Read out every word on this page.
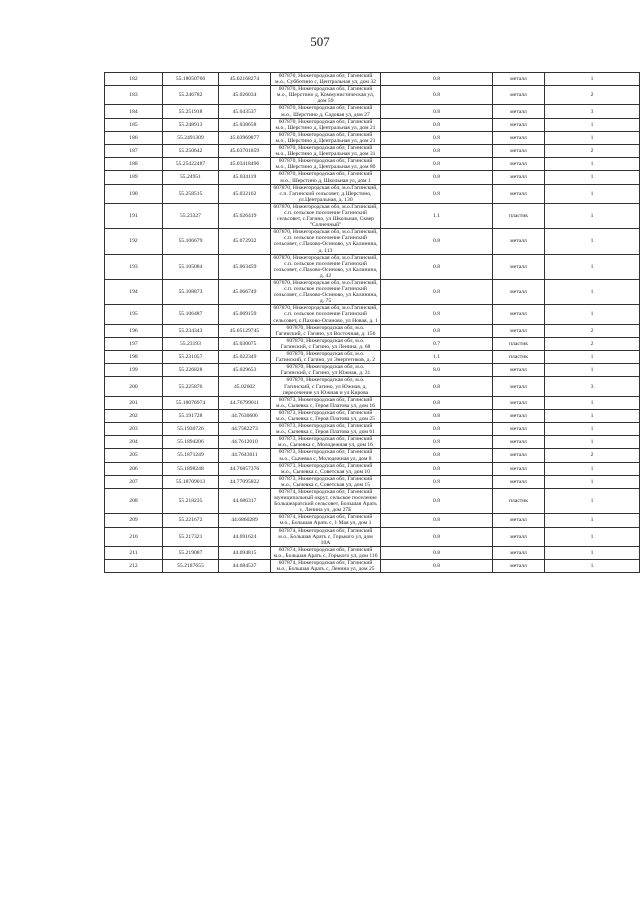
507
182	55.18050766	45.02168274	607870, Нижегородская обл, Гагинский м.о., Субботино с, Центральная ул, дом 32	0.8	металл	1
183	55.246782	45.026034	607870, Нижегородская обл, Гагинский м.о., Шерстино д, Коммунистическая ул, дом 59	0.8	металл	2
184	55.251918	45.043537	607870, Нижегородская обл, Гагинский м.о., Шерстино д, Садовая ул, дом 27	0.8	металл	3
185	55.248913	45.038658	607870, Нижегородская обл, Гагинский м.о., Шерстино д, Центральная ул, дом 21	0.8	металл	1
186	55.2491309	45.03969877	607870, Нижегородская обл, Гагинский м.о., Шерстино д, Центральная ул, дом 21	0.8	металл	1
187	55.250642	45.03701859	607870, Нижегородская обл, Гагинский м.о., Шерстино д, Центральная ул, дом 31	0.8	металл	2
188	55.25422487	45.03418496	607870, Нижегородская обл, Гагинский м.о., Шерстино д, Центральная ул, дом 80	0.8	металл	1
189	55.24951	45.034119	607870, Нижегородская обл, Гагинский м.о., Шерстино д, Школьная ул, дом 1	0.8	металл	1
190	55.258515	45.032162	607870, Нижегородская обл, м.о.Гагинский, с.п. Гагинский сельсовет, д.Шерстино, ул.Центральная, д. 130	0.8	металл	1
191	55.23327	45.026419	607870, Нижегородская обл, м.о.Гагинский, с.п. сельское поселение Гагинский сельсовет, с.Гагино, ул Школьная, Сквер "Солнечный"	1.1	пластик	1
192	55.106679	45.072932	607870, Нижегородская обл, м.о.Гагинский, с.п. сельское поселение Гагинский сельсовет, с.Пахово-Осиново, ул Калинина, д. 113	0.8	металл	1
193	55.105084	45.063459	607870, Нижегородская обл, м.о.Гагинский, с.п. сельское поселение Гагинский сельсовет, с.Пахово-Осиново, ул Калинина, д. 42	0.8	металл	1
194	55.108873	45.066749	607870, Нижегородская обл, м.о.Гагинский, с.п. сельское поселение Гагинский сельсовет, с.Пахово-Осиново, ул Калинина, д. 75	0.8	металл	1
195	55.106487	45.069159	607870, Нижегородская обл, м.о.Гагинский, с.п. сельское поселение Гагинский сельсовет, с.Пахово-Осиново, ул Новая, д. 1	0.8	металл	1
196	55.234343	45.05129745	607870, Нижегородская обл, м.о. Гагинский, с Гагино, ул Восточная, д. 156	0.8	металл	2
197	55.23193	45.030075	607870, Нижегородская обл, м.о. Гагинский, с Гагино, ул Ленина, д. 68	0.7	пластик	2
198	55.231057	45.022349	607870, Нижегородская обл, м.о. Гагинский, с Гагино, ул Энергетиков, д. 2	1.1	пластик	1
199	55.226828	45.029653	607870, Нижегородская обл, м.о. Гагинский, с Гагино, ул Южная, д. 31	8.0	металл	1
200	55.225876	45.02602	607870, Нижегородская обл, м.о. Гагинский, с Гагино, ул Южная, д. пересечение ул Южная и ул Кирова	0.8	металл	3
201	55.18076974	44.76799011	607873, Нижегородская обл, Гагинский м.о., Сычевка с, Героя Платова ул, дом 16	0.8	металл	1
202	55.191728	44.7630606	607873, Нижегородская обл, Гагинский м.о., Сычевка с, Героя Платова ул, дом 25	0.8	металл	1
203	55.1930726	44.7582273	607873, Нижегородская обл, Гагинский м.о., Сычевка с, Героя Платова ул, дом 61	0.8	металл	1
204	55.1894206	44.7612010	607873, Нижегородская обл, Гагинский м.о., Сычевка с, Молодежная ул, дом 16	0.8	металл	1
205	55.1871249	44.7643011	607873, Нижегородская обл, Гагинский м.о., Сычевка с, Молодежная ул, дом 8	0.8	металл	2
206	55.1898248	44.76857376	607873, Нижегородская обл, Гагинский м.о., Сычевка с, Советская ул, дом 10	0.8	металл	1
207	55.18709013	44.77095822	607873, Нижегородская обл, Гагинский м.о., Сычевка с, Советская ул, дом 15	0.8	металл	1
208	55.218235	44.686317	607874, Нижегородская обл, Гагинский муниципальный округ, сельское поселение Большеаратский сельсовет, Большая Арать с, Ленина ул, дом 27Б	0.8	пластик	1
209	55.221672	44.6860289	607874, Нижегородская обл, Гагинский м.о., Большая Арать с, 1 Мая ул, дом 1	0.8	металл	1
210	55.217321	44.691624	607874, Нижегородская обл, Гагинский м.о., Большая Арать с, Горького ул, дом 10А	0.8	металл	1
211	55.219087	44.694815	607874, Нижегородская обл, Гагинский м.о., Большая Арать с, Горького ул, дом 116	0.8	металл	1
212	55.2187655	44.684537	607874, Нижегородская обл, Гагинский м.о., Большая Арать с, Ленина ул, дом 25	0.8	металл	1
